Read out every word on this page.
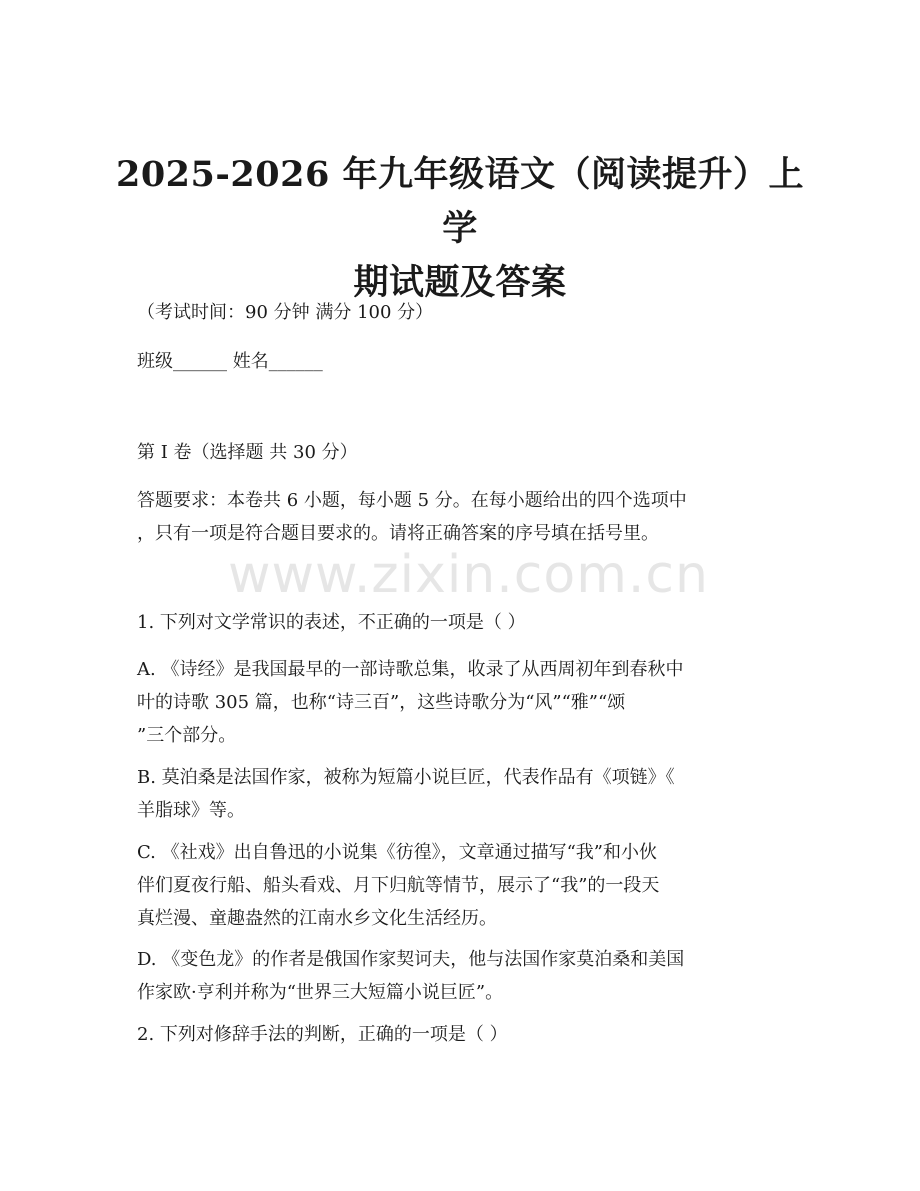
2025-2026 年九年级语文（阅读提升）上学
期试题及答案
（考试时间：90 分钟 满分 100 分）
班级______ 姓名______
第 I 卷（选择题 共 30 分）
答题要求：本卷共 6 小题，每小题 5 分。在每小题给出的四个选项中
，只有一项是符合题目要求的。请将正确答案的序号填在括号里。
www.zixin.com.cn
1. 下列对文学常识的表述，不正确的一项是（ ）
A. 《诗经》是我国最早的一部诗歌总集，收录了从西周初年到春秋中
叶的诗歌 305 篇，也称“诗三百”，这些诗歌分为“风”“雅”“颂
”三个部分。
B. 莫泊桑是法国作家，被称为短篇小说巨匠，代表作品有《项链》《
羊脂球》等。
C. 《社戏》出自鲁迅的小说集《彷徨》，文章通过描写“我”和小伙
伴们夏夜行船、船头看戏、月下归航等情节，展示了“我”的一段天
真烂漫、童趣盎然的江南水乡文化生活经历。
D. 《变色龙》的作者是俄国作家契诃夫，他与法国作家莫泊桑和美国
作家欧·亨利并称为“世界三大短篇小说巨匠”。
2. 下列对修辞手法的判断，正确的一项是（ ）
